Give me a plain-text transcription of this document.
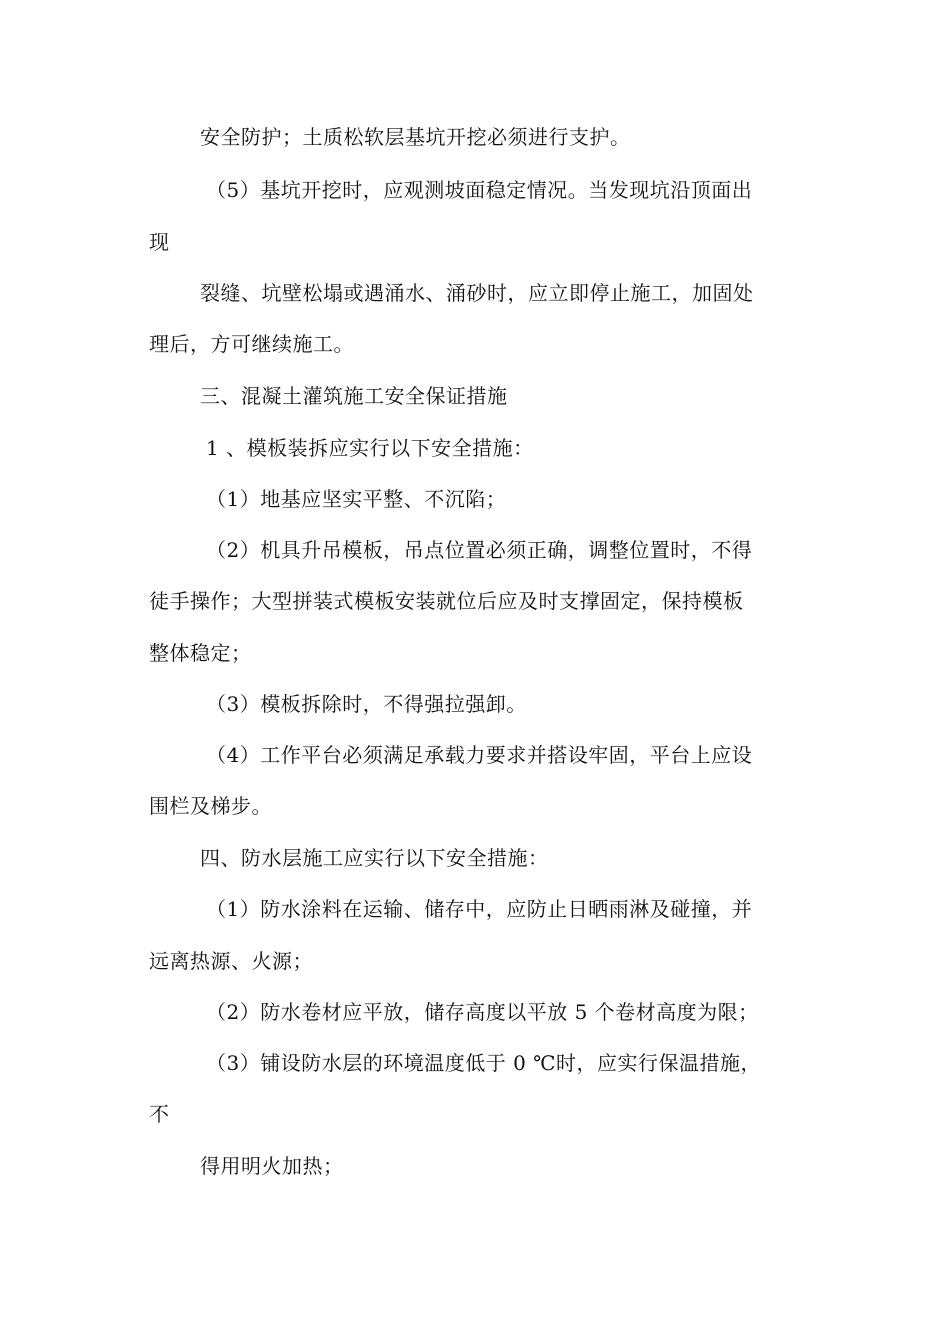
安全防护；土质松软层基坑开挖必须进行支护。
（5）基坑开挖时，应观测坡面稳定情况。当发现坑沿顶面出
现
裂缝、坑壁松塌或遇涌水、涌砂时，应立即停止施工，加固处
理后，方可继续施工。
三、混凝土灌筑施工安全保证措施
1 、模板装拆应实行以下安全措施：
（1）地基应坚实平整、不沉陷；
（2）机具升吊模板，吊点位置必须正确，调整位置时，不得
徒手操作；大型拼装式模板安装就位后应及时支撑固定，保持模板
整体稳定；
（3）模板拆除时，不得强拉强卸。
（4）工作平台必须满足承载力要求并搭设牢固，平台上应设
围栏及梯步。
四、防水层施工应实行以下安全措施：
（1）防水涂料在运输、储存中，应防止日晒雨淋及碰撞，并
远离热源、火源；
（2）防水卷材应平放，储存高度以平放 5 个卷材高度为限；
（3）铺设防水层的环境温度低于 0 ℃时，应实行保温措施，
不
得用明火加热；
